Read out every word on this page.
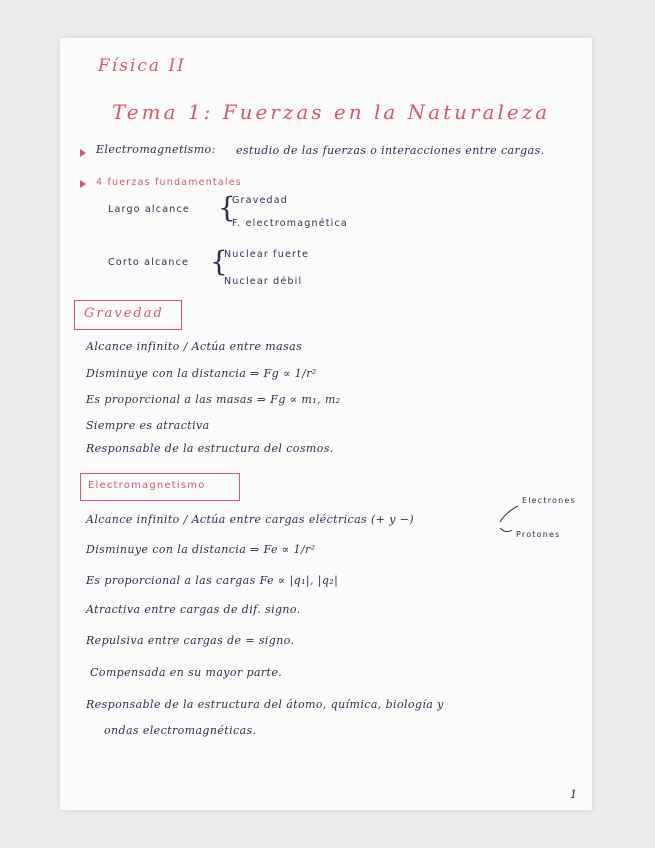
Física II
Tema 1: Fuerzas en la Naturaleza
Electromagnetismo: estudio de las fuerzas o interacciones entre cargas.
4 fuerzas fundamentales
Largo alcance {
Gravedad
F. electromagnética
Corto alcance {
Nuclear fuerte
Nuclear débil
Gravedad
Alcance infinito / Actúa entre masas
Disminuye con la distancia ⇒ Fg ∝ 1/r²
Es proporcional a las masas ⇒ Fg ∝ m₁, m₂
Siempre es atractiva
Responsable de la estructura del cosmos.
Electromagnetismo
Alcance infinito / Actúa entre cargas eléctricas (+ y −)
Electrones
Protones
Disminuye con la distancia ⇒ Fe ∝ 1/r²
Es proporcional a las cargas Fe ∝ |q₁|, |q₂|
Atractiva entre cargas de dif. signo.
Repulsiva entre cargas de = signo.
Compensada en su mayor parte.
Responsable de la estructura del átomo, química, biología y
ondas electromagnéticas.
1
